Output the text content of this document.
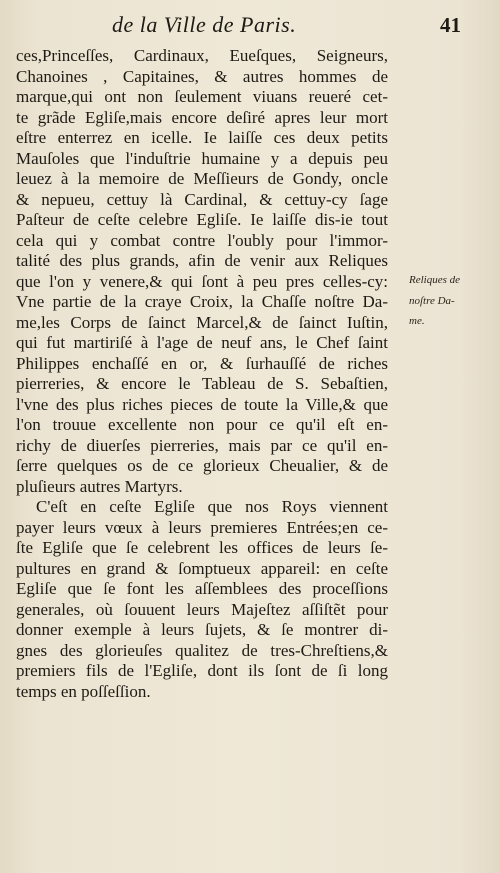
de la Ville de Paris.	41
ces,Princeſſes, Cardinaux, Eueſques, Seigneurs,
Chanoines , Capitaines, & autres hommes de
marque,qui ont non ſeulement viuans reueré cet-
te grãde Egliſe,mais encore deſiré apres leur mort
eſtre enterrez en icelle. Ie laiſſe ces deux petits
Mauſoles que l'induſtrie humaine y a depuis peu
leuez à la memoire de Meſſieurs de Gondy, oncle
& nepueu, cettuy là Cardinal, & cettuy-cy ſage
Paſteur de ceſte celebre Egliſe. Ie laiſſe dis-ie tout
cela qui y combat contre l'oubly pour l'immor-
talité des plus grands, afin de venir aux Reliques
que l'on y venere,& qui ſont à peu pres celles-cy:
Vne partie de la craye Croix, la Chaſſe noſtre Da-
me,les Corps de ſainct Marcel,& de ſainct Iuſtin,
qui fut martiriſé à l'age de neuf ans, le Chef ſaint
Philippes enchaſſé en or, & ſurhauſſé de riches
pierreries, & encore le Tableau de S. Sebaſtien,
l'vne des plus riches pieces de toute la Ville,& que
l'on trouue excellente non pour ce qu'il eſt en-
richy de diuerſes pierreries, mais par ce qu'il en-
ſerre quelques os de ce glorieux Cheualier, & de
pluſieurs autres Martyrs.
C'eſt en ceſte Egliſe que nos Roys viennent
payer leurs vœux à leurs premieres Entrées;en ce-
ſte Egliſe que ſe celebrent les offices de leurs ſe-
pultures en grand & ſomptueux appareil: en ceſte
Egliſe que ſe font les aſſemblees des proceſſions
generales, où ſouuent leurs Majeſtez aſſiſtẽt pour
donner exemple à leurs ſujets, & ſe montrer di-
gnes des glorieuſes qualitez de tres-Chreſtiens,&
premiers fils de l'Egliſe, dont ils ſont de ſi long
temps en poſſeſſion.
Reliques de
noſtre Da-
me.
